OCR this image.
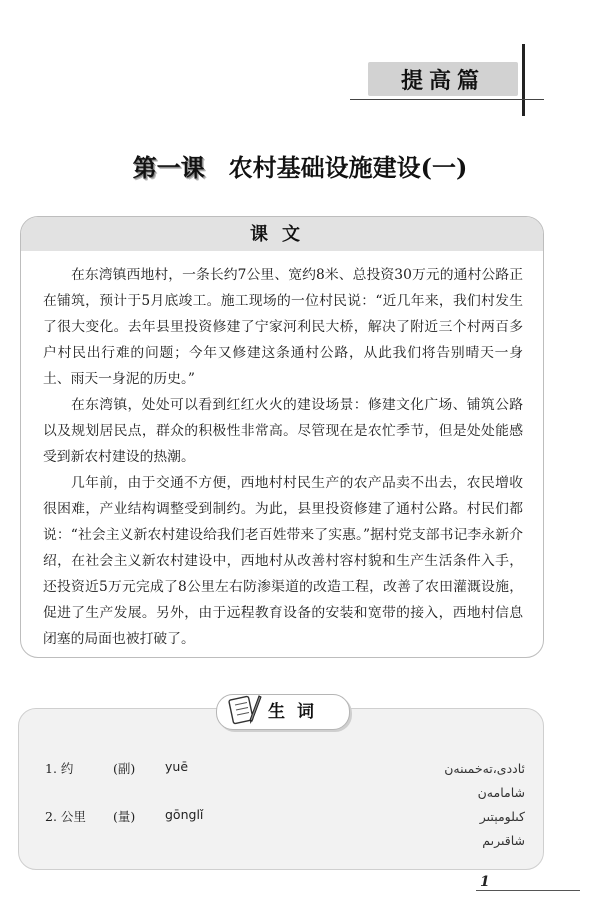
提高篇
第一课 农村基础设施建设(一)
课文

在东湾镇西地村，一条长约7公里、宽约8米、总投资30万元的通村公路正在铺筑，预计于5月底竣工。施工现场的一位村民说：“近几年来，我们村发生了很大变化。去年县里投资修建了宁家河利民大桥，解决了附近三个村两百多户村民出行难的问题；今年又修建这条通村公路，从此我们将告别晴天一身土、雨天一身泥的历史。”

在东湾镇，处处可以看到红红火火的建设场景：修建文化广场、铺筑公路以及规划居民点，群众的积极性非常高。尽管现在是农忙季节，但是处处能感受到新农村建设的热潮。

几年前，由于交通不方便，西地村村民生产的农产品卖不出去，农民增收很困难，产业结构调整受到制约。为此，县里投资修建了通村公路。村民们都说：“社会主义新农村建设给我们老百姓带来了实惠。”据村党支部书记李永新介绍，在社会主义新农村建设中，西地村从改善村容村貌和生产生活条件入手，还投资近5万元完成了8公里左右防渗渠道的改造工程，改善了农田灌溉设施，促进了生产发展。另外，由于远程教育设备的安装和宽带的接入，西地村信息闭塞的局面也被打破了。

1. 约	(副) yuē	ئاددى،تەخمىنەن
شامامەن
2. 公里 (量) gōnglǐ	كىلومېتىر
شاقىرىم
生词
1
